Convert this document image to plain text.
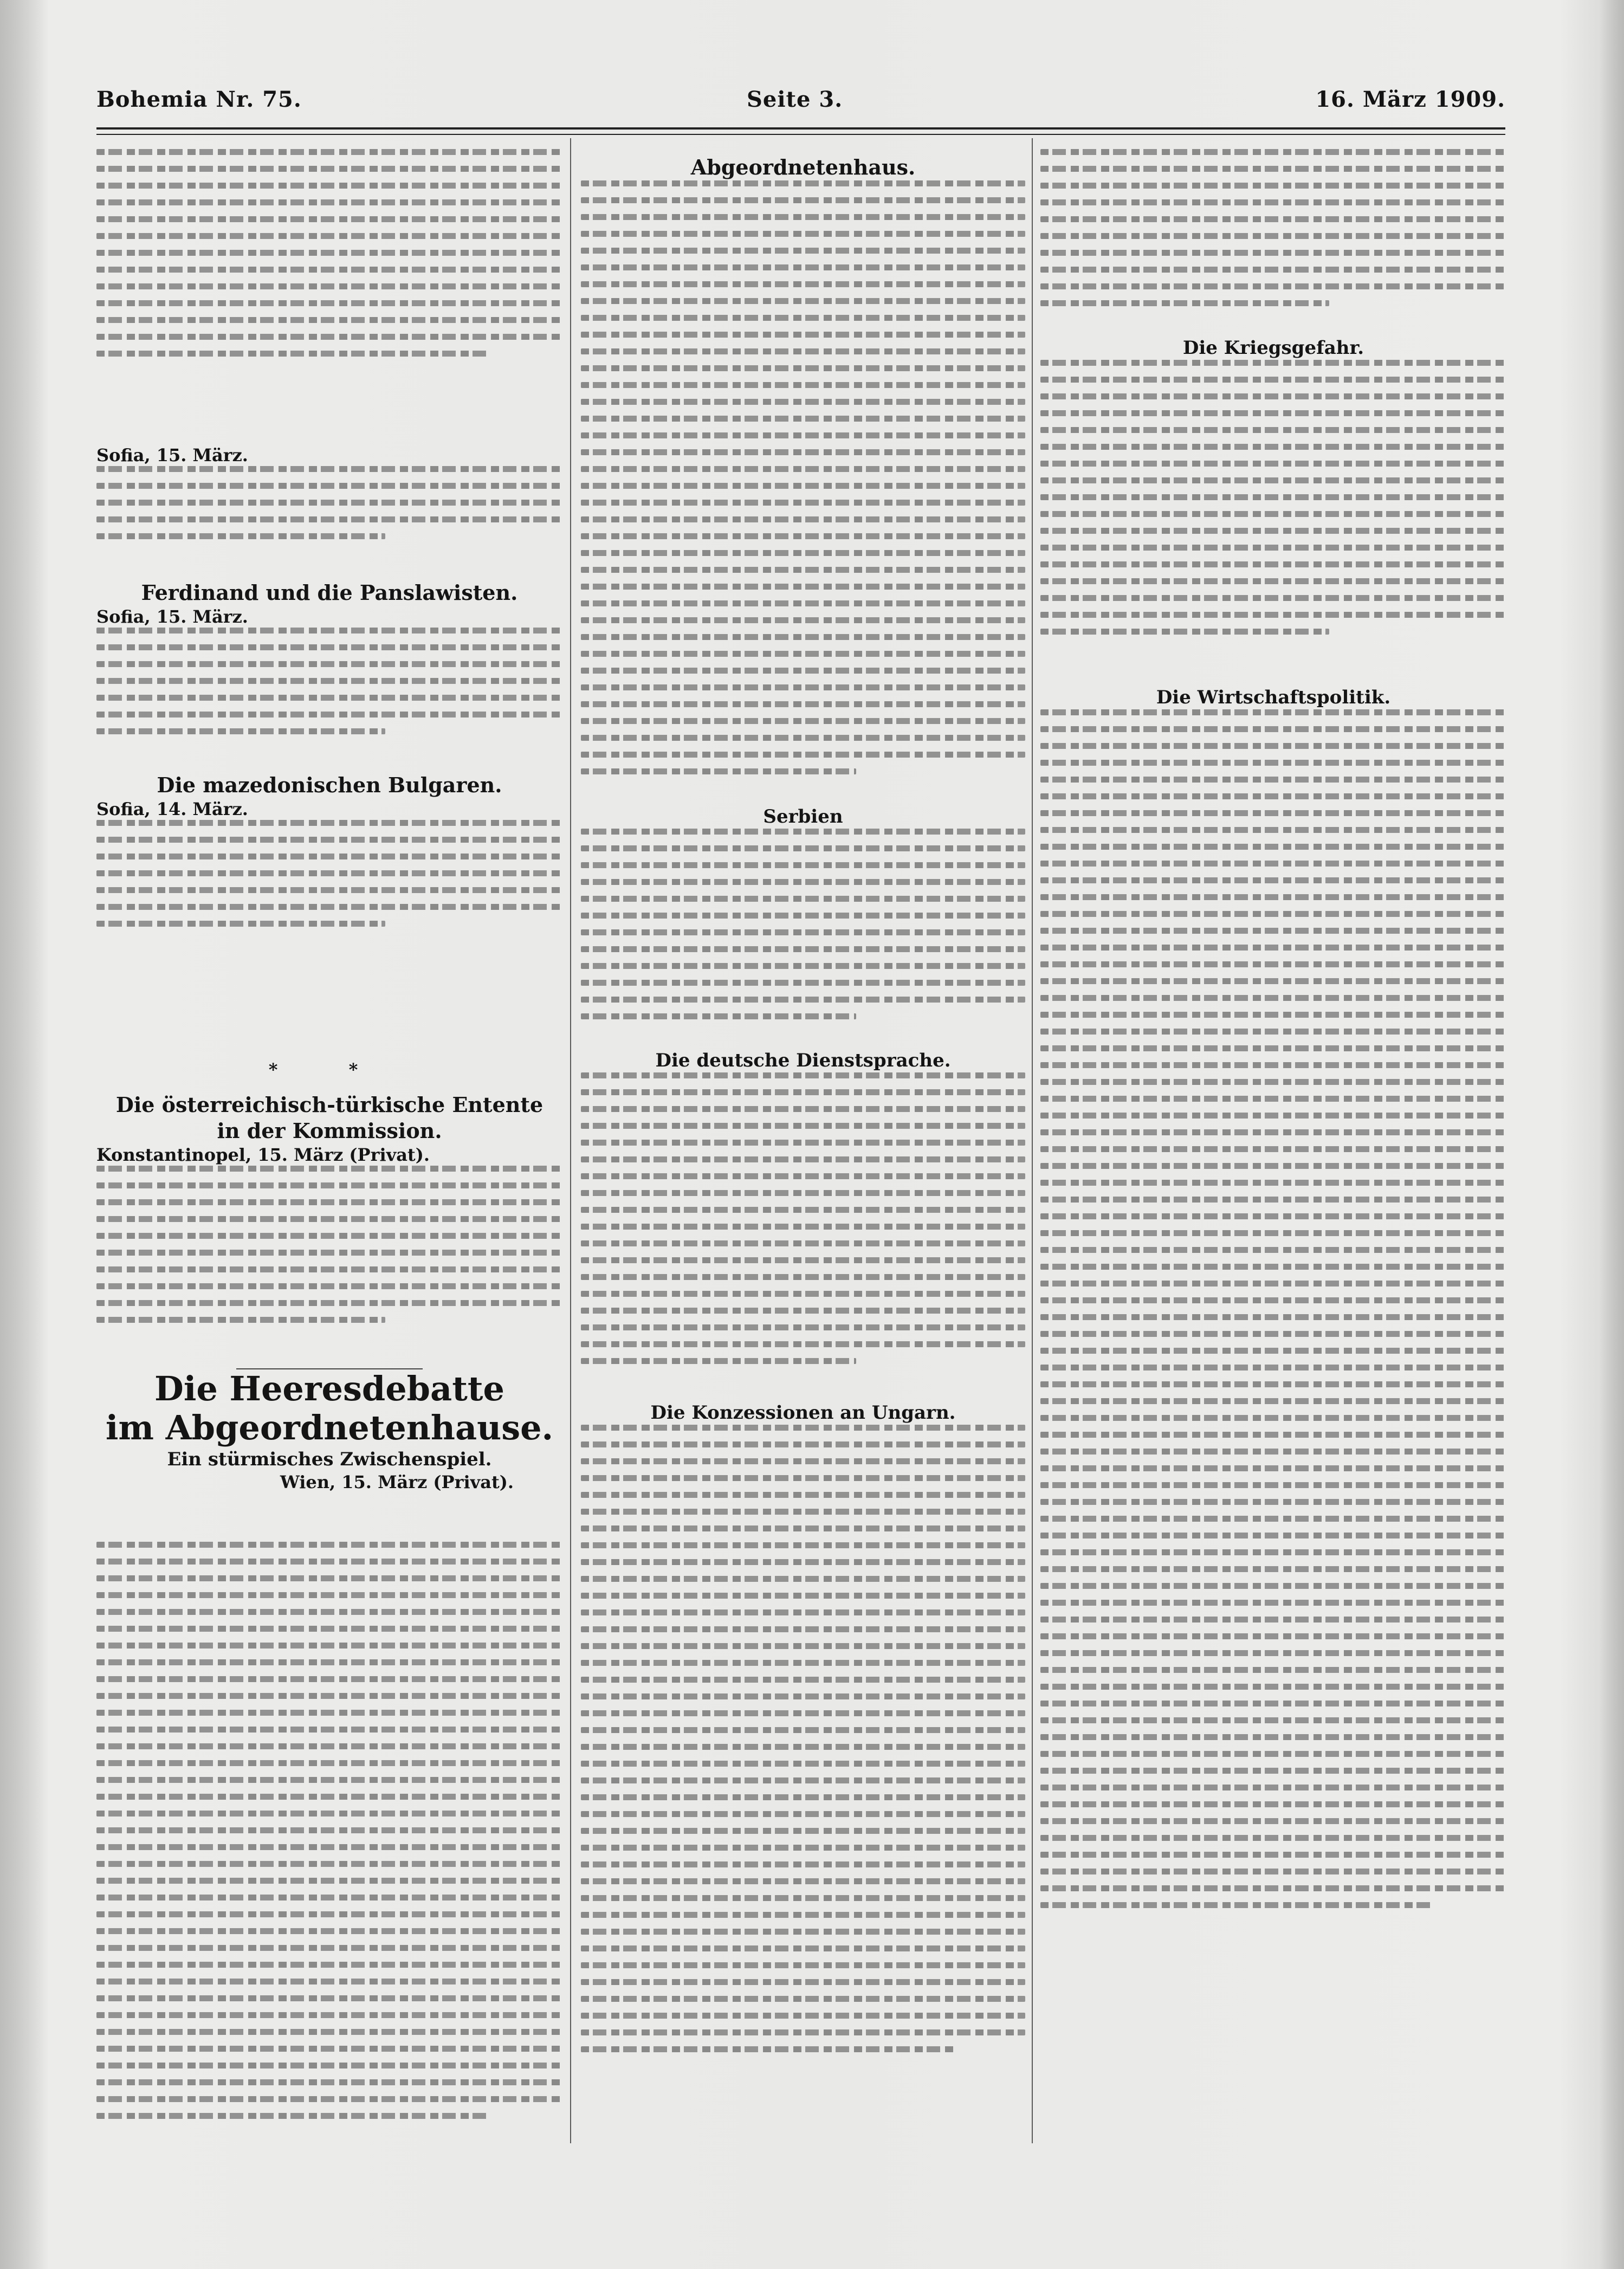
Bohemia Nr. 75.	Seite 3.	16. März 1909.
Sofia, 15. März.
Ferdinand und die Panslawisten.
Sofia, 15. März.
Die mazedonischen Bulgaren.
Sofia, 14. März.
* *
Die österreichisch-türkische Entente
in der Kommission.
Konstantinopel, 15. März (Privat).
Die Heeresdebatte
im Abgeordnetenhause.
Ein stürmisches Zwischenspiel.
Wien, 15. März (Privat).
Abgeordnetenhaus.
Serbien
Die deutsche Dienstsprache.
Die Konzessionen an Ungarn.
Die Kriegsgefahr.
Die Wirtschaftspolitik.
